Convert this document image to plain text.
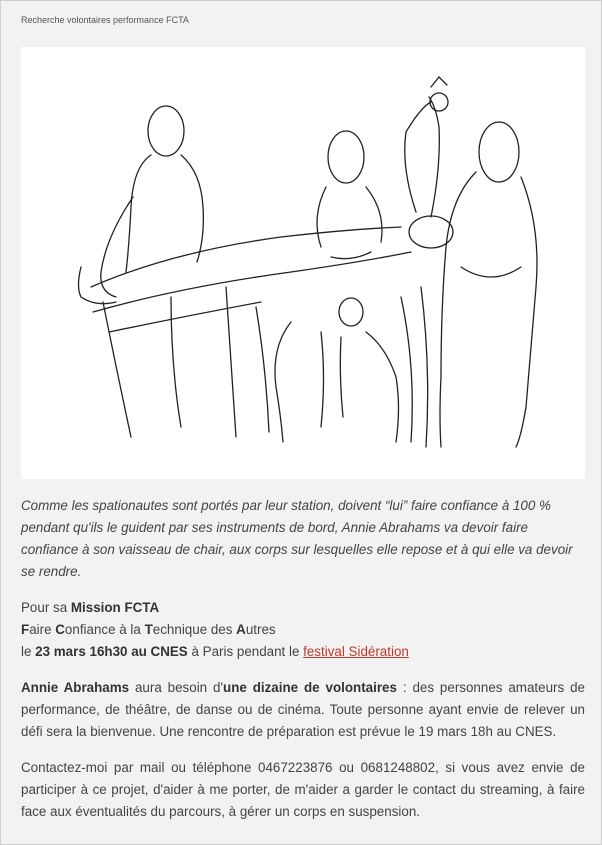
Recherche volontaires performance FCTA

Comme les spationautes sont portés par leur station, doivent “lui” faire confiance à 100 % pendant qu'ils le guident par ses instruments de bord, Annie Abrahams va devoir faire confiance à son vaisseau de chair, aux corps sur lesquelles elle repose et à qui elle va devoir se rendre.

Pour sa Mission FCTA
Faire Confiance à la Technique des Autres
le 23 mars 16h30 au CNES à Paris pendant le festival Sidération

Annie Abrahams aura besoin d'une dizaine de volontaires : des personnes amateurs de performance, de théâtre, de danse ou de cinéma. Toute personne ayant envie de relever un défi sera la bienvenue. Une rencontre de préparation est prévue le 19 mars 18h au CNES.

Contactez-moi par mail ou téléphone 0467223876 ou 0681248802, si vous avez envie de participer à ce projet, d'aider à me porter, de m'aider a garder le contact du streaming, à faire face aux éventualités du parcours, à gérer un corps en suspension.
